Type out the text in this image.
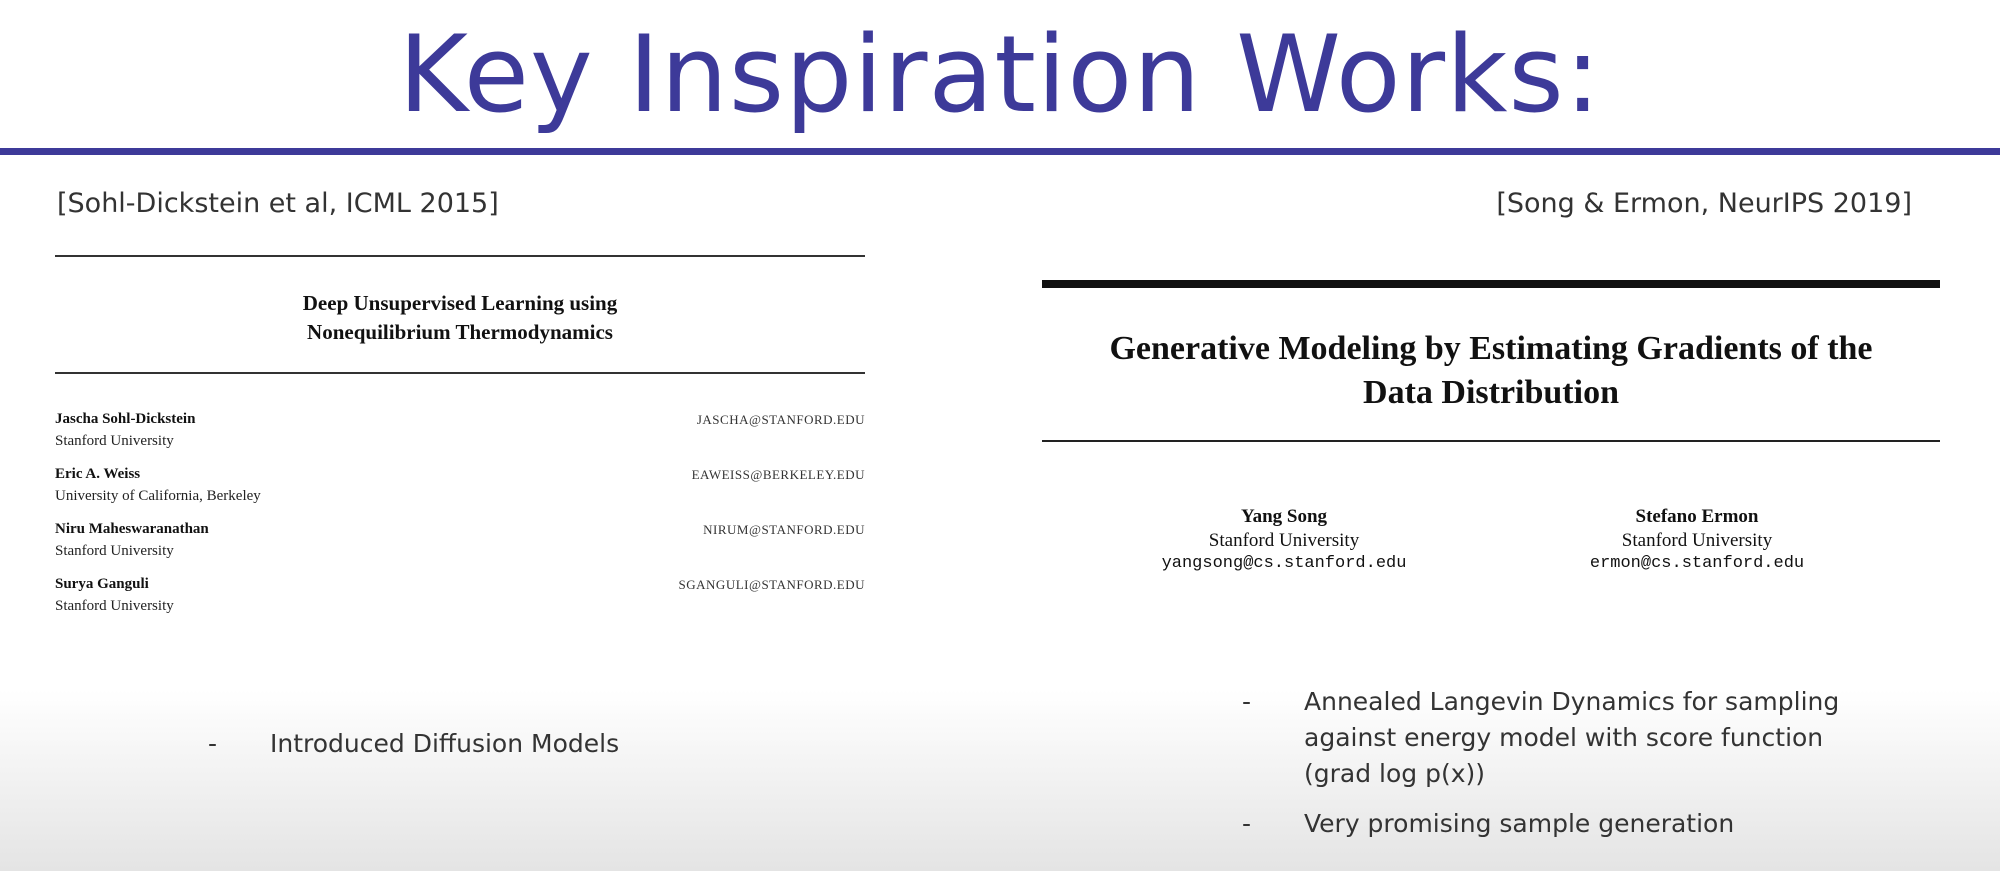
Key Inspiration Works:
[Sohl-Dickstein et al, ICML 2015]	[Song & Ermon, NeurIPS 2019]
Deep Unsupervised Learning using
Nonequilibrium Thermodynamics
Jascha Sohl-Dickstein
Stanford University
JASCHA@STANFORD.EDU
Eric A. Weiss
University of California, Berkeley
EAWEISS@BERKELEY.EDU
Niru Maheswaranathan
Stanford University
NIRUM@STANFORD.EDU
Surya Ganguli
Stanford University
SGANGULI@STANFORD.EDU
Generative Modeling by Estimating Gradients of the
Data Distribution
Yang Song
Stanford University
yangsong@cs.stanford.edu
Stefano Ermon
Stanford University
ermon@cs.stanford.edu
- Introduced Diffusion Models
- Annealed Langevin Dynamics for sampling
against energy model with score function
(grad log p(x))
- Very promising sample generation
